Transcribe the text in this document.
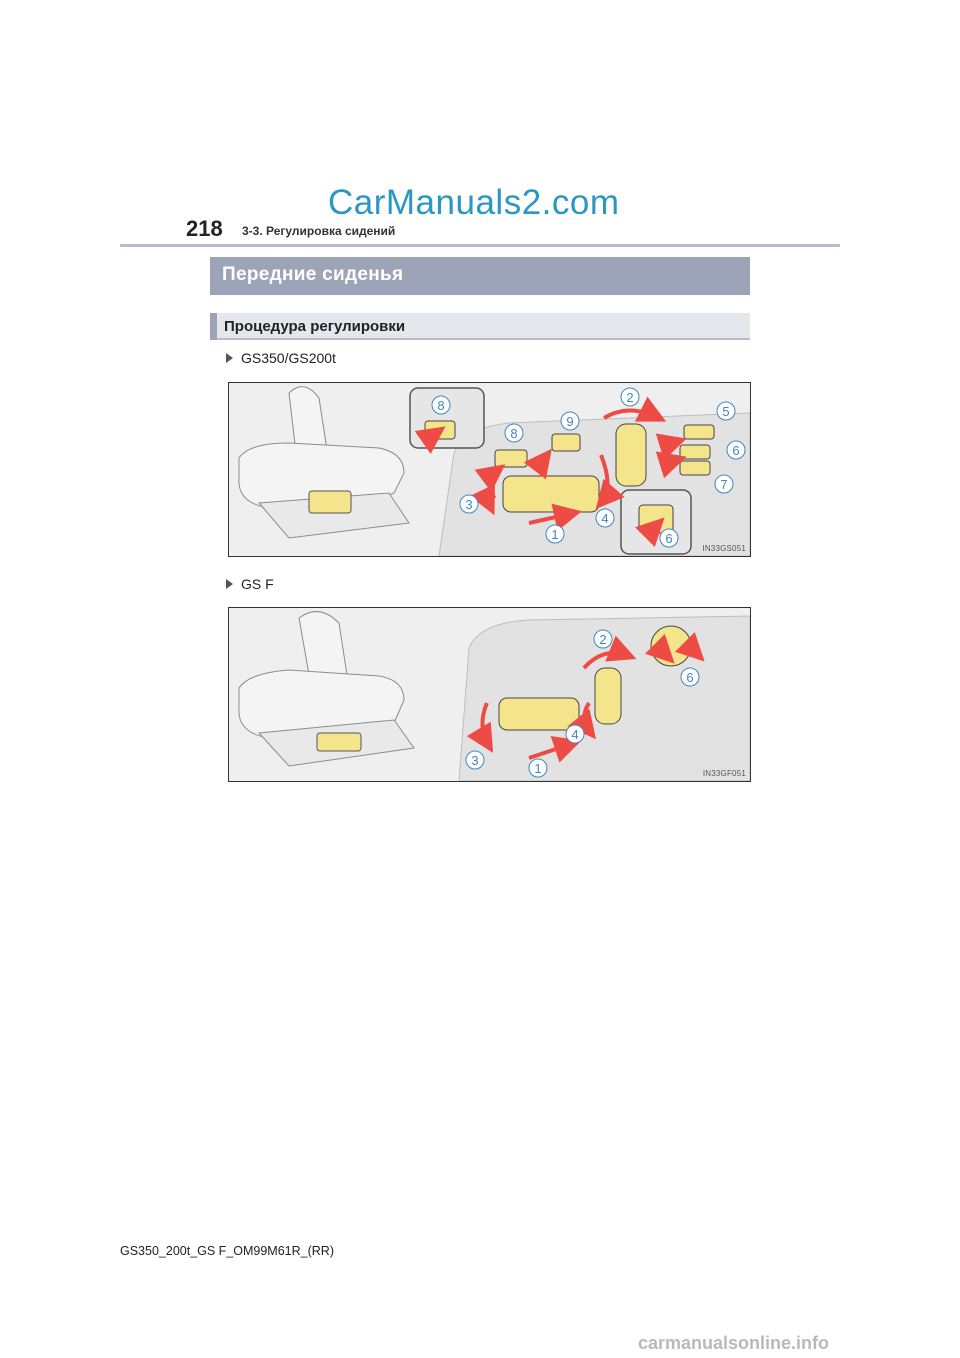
CarManuals2.com
218 3-3. Регулировка сидений
Передние сиденья
Процедура регулировки
GS350/GS200t
8
2
5
8
9
6
7
3
4
1	6
IN33GS051
GS F
2
6
4
3
1	IN33GF051
GS350_200t_GS F_OM99M61R_(RR)
carmanualsonline.info
